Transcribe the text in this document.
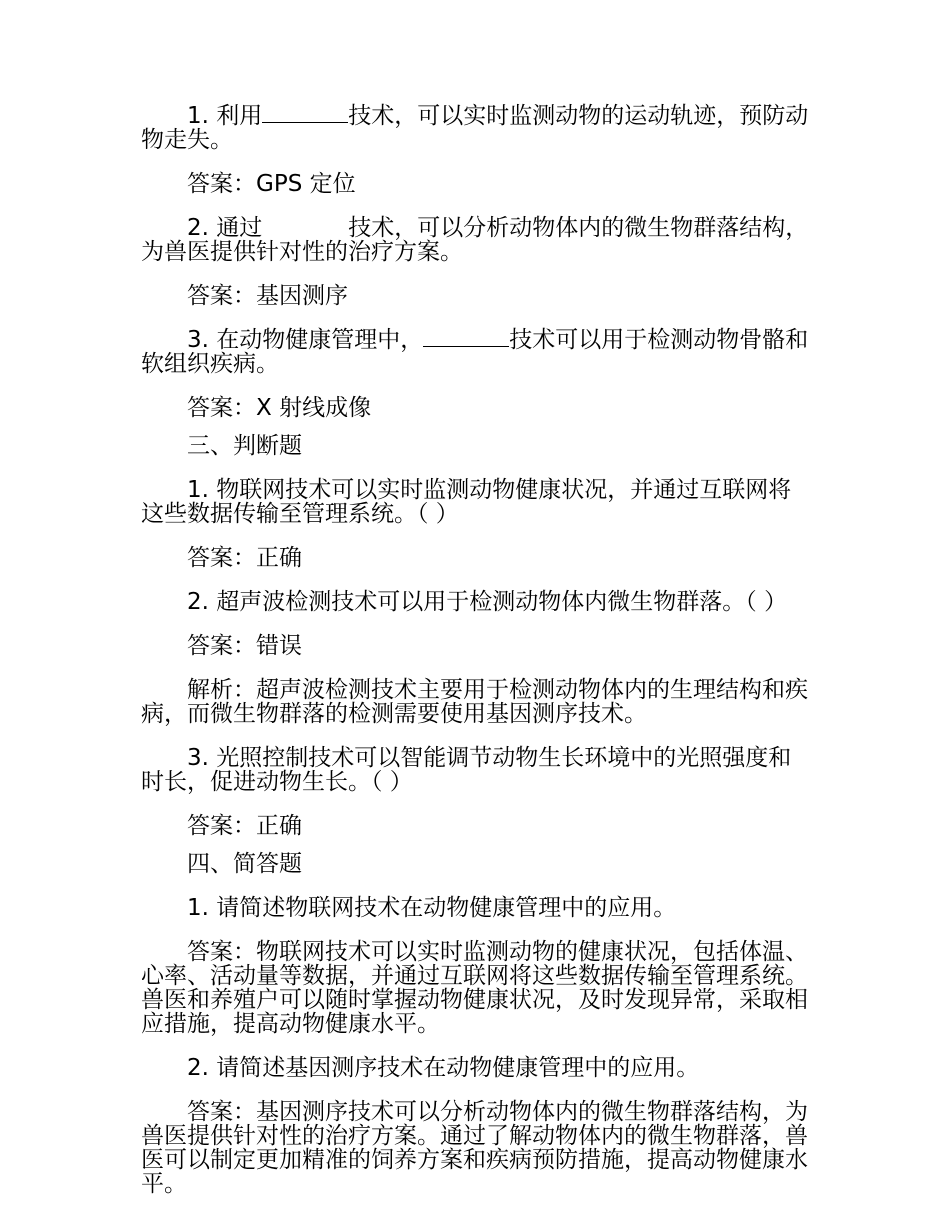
1. 利用	技术，可以实时监测动物的运动轨迹，预防动物走失。

答案：GPS 定位

2. 通过	技术，可以分析动物体内的微生物群落结构，为兽医提供针对性的治疗方案。

答案：基因测序

3. 在动物健康管理中，	技术可以用于检测动物骨骼和软组织疾病。

答案：X 射线成像

三、判断题

1. 物联网技术可以实时监测动物健康状况，并通过互联网将这些数据传输至管理系统。（ ）

答案：正确

2. 超声波检测技术可以用于检测动物体内微生物群落。（ ）

答案：错误

解析：超声波检测技术主要用于检测动物体内的生理结构和疾病，而微生物群落的检测需要使用基因测序技术。

3. 光照控制技术可以智能调节动物生长环境中的光照强度和时长，促进动物生长。（ ）

答案：正确

四、简答题

1. 请简述物联网技术在动物健康管理中的应用。

答案：物联网技术可以实时监测动物的健康状况，包括体温、心率、活动量等数据，并通过互联网将这些数据传输至管理系统。兽医和养殖户可以随时掌握动物健康状况，及时发现异常，采取相应措施，提高动物健康水平。

2. 请简述基因测序技术在动物健康管理中的应用。

答案：基因测序技术可以分析动物体内的微生物群落结构，为兽医提供针对性的治疗方案。通过了解动物体内的微生物群落，兽医可以制定更加精准的饲养方案和疾病预防措施，提高动物健康水平。
